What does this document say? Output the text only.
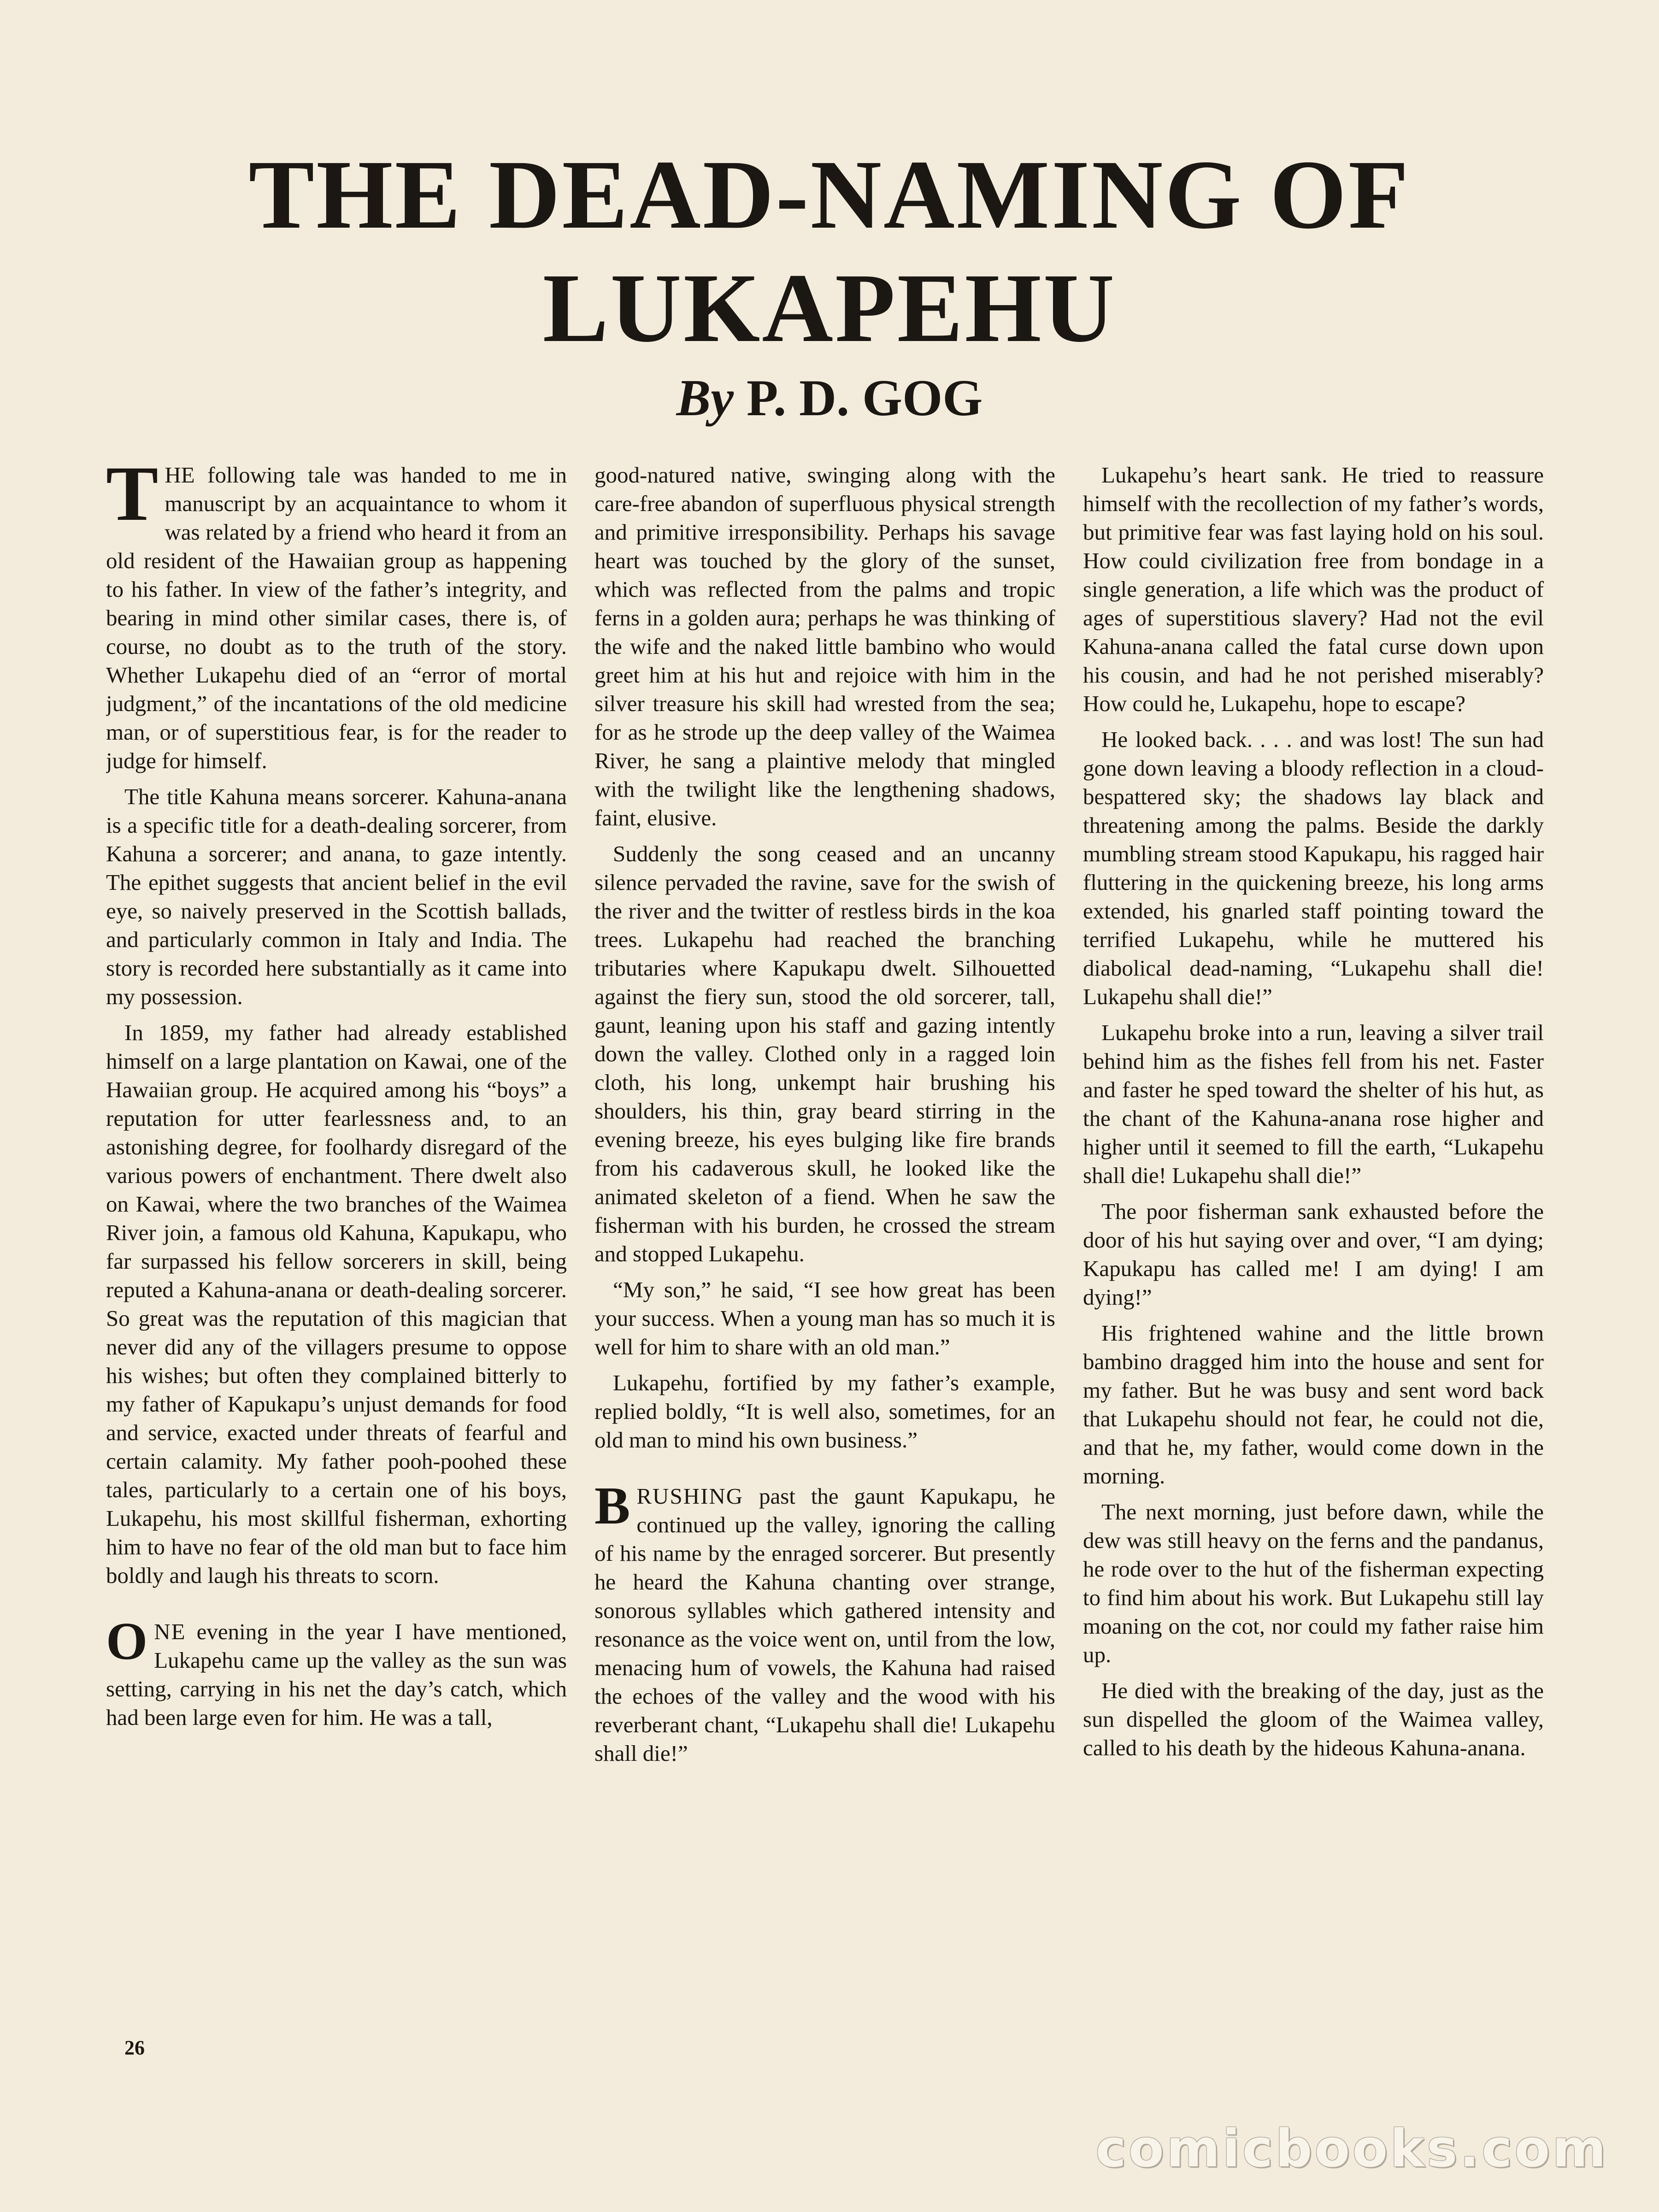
THE DEAD-NAMING OF
LUKAPEHU
By P. D. GOG

THE following tale was handed to me in manuscript by an acquaintance to whom it was related by a friend who heard it from an old resident of the Hawaiian group as happening to his father. In view of the father’s integrity, and bearing in mind other similar cases, there is, of course, no doubt as to the truth of the story. Whether Lukapehu died of an “error of mortal judgment,” of the incantations of the old medicine man, or of superstitious fear, is for the reader to judge for himself.

The title Kahuna means sorcerer. Kahuna-anana is a specific title for a death-dealing sorcerer, from Kahuna a sorcerer; and anana, to gaze intently. The epithet suggests that ancient belief in the evil eye, so naively preserved in the Scottish ballads, and particularly common in Italy and India. The story is recorded here substantially as it came into my possession.

In 1859, my father had already established himself on a large plantation on Kawai, one of the Hawaiian group. He acquired among his “boys” a reputation for utter fearlessness and, to an astonishing degree, for foolhardy disregard of the various powers of enchantment. There dwelt also on Kawai, where the two branches of the Waimea River join, a famous old Kahuna, Kapukapu, who far surpassed his fellow sorcerers in skill, being reputed a Kahuna-anana or death-dealing sorcerer. So great was the reputation of this magician that never did any of the villagers presume to oppose his wishes; but often they complained bitterly to my father of Kapukapu’s unjust demands for food and service, exacted under threats of fearful and certain calamity. My father pooh-poohed these tales, particularly to a certain one of his boys, Lukapehu, his most skillful fisherman, exhorting him to have no fear of the old man but to face him boldly and laugh his threats to scorn.

ONE evening in the year I have mentioned, Lukapehu came up the valley as the sun was setting, carrying in his net the day’s catch, which had been large even for him. He was a tall,

good-natured native, swinging along with the care-free abandon of superfluous physical strength and primitive irresponsibility. Perhaps his savage heart was touched by the glory of the sunset, which was reflected from the palms and tropic ferns in a golden aura; perhaps he was thinking of the wife and the naked little bambino who would greet him at his hut and rejoice with him in the silver treasure his skill had wrested from the sea; for as he strode up the deep valley of the Waimea River, he sang a plaintive melody that mingled with the twilight like the lengthening shadows, faint, elusive.

Suddenly the song ceased and an uncanny silence pervaded the ravine, save for the swish of the river and the twitter of restless birds in the koa trees. Lukapehu had reached the branching tributaries where Kapukapu dwelt. Silhouetted against the fiery sun, stood the old sorcerer, tall, gaunt, leaning upon his staff and gazing intently down the valley. Clothed only in a ragged loin cloth, his long, unkempt hair brushing his shoulders, his thin, gray beard stirring in the evening breeze, his eyes bulging like fire brands from his cadaverous skull, he looked like the animated skeleton of a fiend. When he saw the fisherman with his burden, he crossed the stream and stopped Lukapehu.

“My son,” he said, “I see how great has been your success. When a young man has so much it is well for him to share with an old man.”

Lukapehu, fortified by my father’s example, replied boldly, “It is well also, sometimes, for an old man to mind his own business.”

BRUSHING past the gaunt Kapukapu, he continued up the valley, ignoring the calling of his name by the enraged sorcerer. But presently he heard the Kahuna chanting over strange, sonorous syllables which gathered intensity and resonance as the voice went on, until from the low, menacing hum of vowels, the Kahuna had raised the echoes of the valley and the wood with his reverberant chant, “Lukapehu shall die! Lukapehu shall die!”

Lukapehu’s heart sank. He tried to reassure himself with the recollection of my father’s words, but primitive fear was fast laying hold on his soul. How could civilization free from bondage in a single generation, a life which was the product of ages of superstitious slavery? Had not the evil Kahuna-anana called the fatal curse down upon his cousin, and had he not perished miserably? How could he, Lukapehu, hope to escape?

He looked back. . . . and was lost! The sun had gone down leaving a bloody reflection in a cloud-bespattered sky; the shadows lay black and threatening among the palms. Beside the darkly mumbling stream stood Kapukapu, his ragged hair fluttering in the quickening breeze, his long arms extended, his gnarled staff pointing toward the terrified Lukapehu, while he muttered his diabolical dead-naming, “Lukapehu shall die! Lukapehu shall die!”

Lukapehu broke into a run, leaving a silver trail behind him as the fishes fell from his net. Faster and faster he sped toward the shelter of his hut, as the chant of the Kahuna-anana rose higher and higher until it seemed to fill the earth, “Lukapehu shall die! Lukapehu shall die!”

The poor fisherman sank exhausted before the door of his hut saying over and over, “I am dying; Kapukapu has called me! I am dying! I am dying!”

His frightened wahine and the little brown bambino dragged him into the house and sent for my father. But he was busy and sent word back that Lukapehu should not fear, he could not die, and that he, my father, would come down in the morning.

The next morning, just before dawn, while the dew was still heavy on the ferns and the pandanus, he rode over to the hut of the fisherman expecting to find him about his work. But Lukapehu still lay moaning on the cot, nor could my father raise him up.

He died with the breaking of the day, just as the sun dispelled the gloom of the Waimea valley, called to his death by the hideous Kahuna-anana.

26
comicbooks.com
